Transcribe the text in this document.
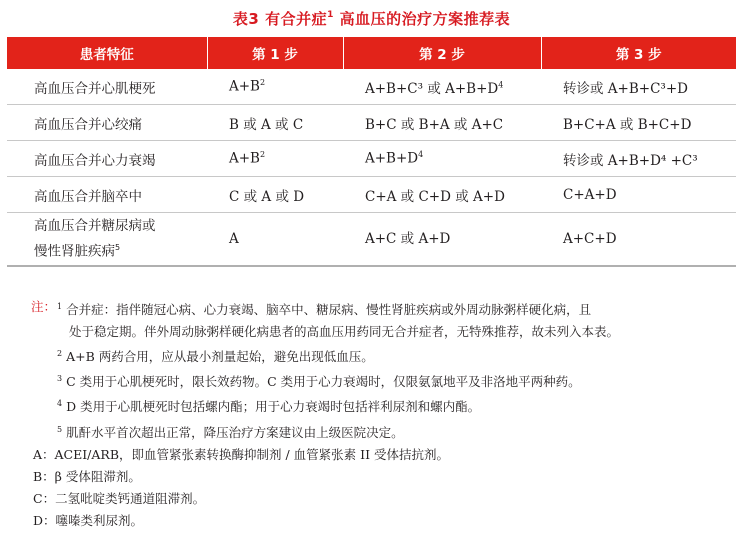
表3 有合并症$^1$ 高血压的治疗方案推荐表
患者特征	第 1 步	第 2 步	第 3 步
高血压合并心肌梗死	$A+B^2$	A+B+C³ 或 $A+B+D^4$	转诊或 A+B+C³+D
高血压合并心绞痛	B 或 A 或 C	B+C 或 B+A 或 A+C	B+C+A 或 B+C+D
高血压合并心力衰竭	$A+B^2$	$A+B+D^4$	转诊或 A+B+D⁴ +C³
高血压合并脑卒中	C 或 A 或 D	C+A 或 C+D 或 A+D	C+A+D
高血压合并糖尿病或
慢性肾脏疾病$^5$	A	A+C 或 A+D	A+C+D
注： $^1$ 合并症：指伴随冠心病、心力衰竭、脑卒中、糖尿病、慢性肾脏疾病或外周动脉粥样硬化病，且
处于稳定期。伴外周动脉粥样硬化病患者的高血压用药同无合并症者，无特殊推荐，故未列入本表。
$^2$ A+B 两药合用，应从最小剂量起始，避免出现低血压。
$^3$ C 类用于心肌梗死时，限长效药物。C 类用于心力衰竭时，仅限氨氯地平及非洛地平两种药。
$^4$ D 类用于心肌梗死时包括螺内酯；用于心力衰竭时包括袢利尿剂和螺内酯。
$^5$ 肌酐水平首次超出正常，降压治疗方案建议由上级医院决定。
A：ACEI/ARB，即血管紧张素转换酶抑制剂 / 血管紧张素 II 受体拮抗剂。
B：β 受体阻滞剂。
C：二氢吡啶类钙通道阻滞剂。
D：噻嗪类利尿剂。
